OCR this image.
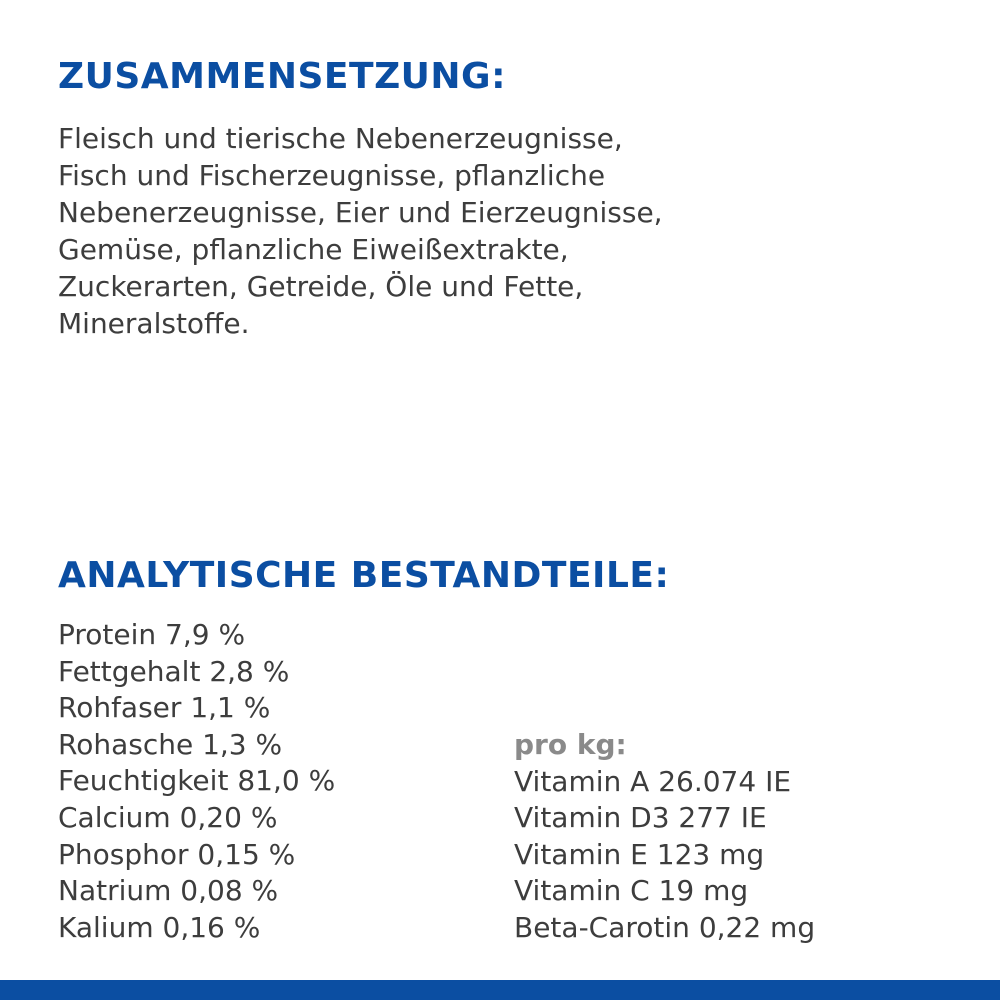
ZUSAMMENSETZUNG:

Fleisch und tierische Nebenerzeugnisse,
Fisch und Fischerzeugnisse, pflanzliche
Nebenerzeugnisse, Eier und Eierzeugnisse,
Gemüse, pflanzliche Eiweißextrakte,
Zuckerarten, Getreide, Öle und Fette,
Mineralstoffe.

ANALYTISCHE BESTANDTEILE:
Protein 7,9 %
Fettgehalt 2,8 %
Rohfaser 1,1 %
Rohasche 1,3 %
Feuchtigkeit 81,0 %
Calcium 0,20 %
Phosphor 0,15 %
Natrium 0,08 %
Kalium 0,16 %
pro kg:
Vitamin A 26.074 IE
Vitamin D3 277 IE
Vitamin E 123 mg
Vitamin C 19 mg
Beta-Carotin 0,22 mg
